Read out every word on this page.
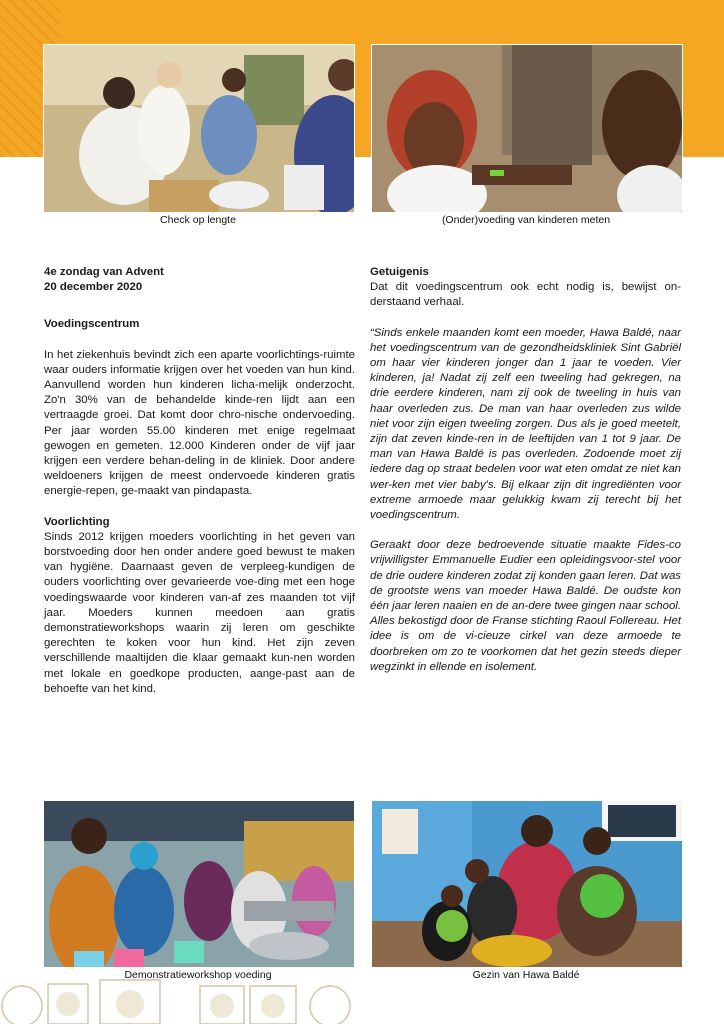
Check op lengte	(Onder)voeding van kinderen meten

4e zondag van Advent

20 december 2020

Voedingscentrum

In het ziekenhuis bevindt zich een aparte voorlichtings-ruimte waar ouders informatie krijgen over het voeden van hun kind. Aanvullend worden hun kinderen licha-melijk onderzocht. Zo'n 30% van de behandelde kinde-ren lijdt aan een vertraagde groei. Dat komt door chro-nische ondervoeding. Per jaar worden 55.00 kinderen met enige regelmaat gewogen en gemeten. 12.000 Kinderen onder de vijf jaar krijgen een verdere behan-deling in de kliniek. Door andere weldoeners krijgen de meest ondervoede kinderen gratis energie-repen, ge-maakt van pindapasta.

Voorlichting

Sinds 2012 krijgen moeders voorlichting in het geven van borstvoeding door hen onder andere goed bewust te maken van hygiëne. Daarnaast geven de verpleeg-kundigen de ouders voorlichting over gevarieerde voe-ding met een hoge voedingswaarde voor kinderen van-af zes maanden tot vijf jaar. Moeders kunnen meedoen aan gratis demonstratieworkshops waarin zij leren om geschikte gerechten te koken voor hun kind. Het zijn zeven verschillende maaltijden die klaar gemaakt kun-nen worden met lokale en goedkope producten, aange-past aan de behoefte van het kind.

Getuigenis

Dat dit voedingscentrum ook echt nodig is, bewijst on-derstaand verhaal.

“Sinds enkele maanden komt een moeder, Hawa Baldé, naar het voedingscentrum van de gezondheidskliniek Sint Gabriël om haar vier kinderen jonger dan 1 jaar te voeden. Vier kinderen, ja! Nadat zij zelf een tweeling had gekregen, na drie eerdere kinderen, nam zij ook de tweeling in huis van haar overleden zus. De man van haar overleden zus wilde niet voor zijn eigen tweeling zorgen. Dus als je goed meetelt, zijn dat zeven kinde-ren in de leeftijden van 1 tot 9 jaar. De man van Hawa Baldé is pas overleden. Zodoende moet zij iedere dag op straat bedelen voor wat eten omdat ze niet kan wer-ken met vier baby's. Bij elkaar zijn dit ingrediënten voor extreme armoede maar gelukkig kwam zij terecht bij het voedingscentrum.

Geraakt door deze bedroevende situatie maakte Fides-co vrijwilligster Emmanuelle Eudier een opleidingsvoor-stel voor de drie oudere kinderen zodat zij konden gaan leren. Dat was de grootste wens van moeder Hawa Baldé. De oudste kon één jaar leren naaien en de an-dere twee gingen naar school. Alles bekostigd door de Franse stichting Raoul Follereau. Het idee is om de vi-cieuze cirkel van deze armoede te doorbreken om zo te voorkomen dat het gezin steeds dieper wegzinkt in ellende en isolement.

Demonstratieworkshop voeding	Gezin van Hawa Baldé
